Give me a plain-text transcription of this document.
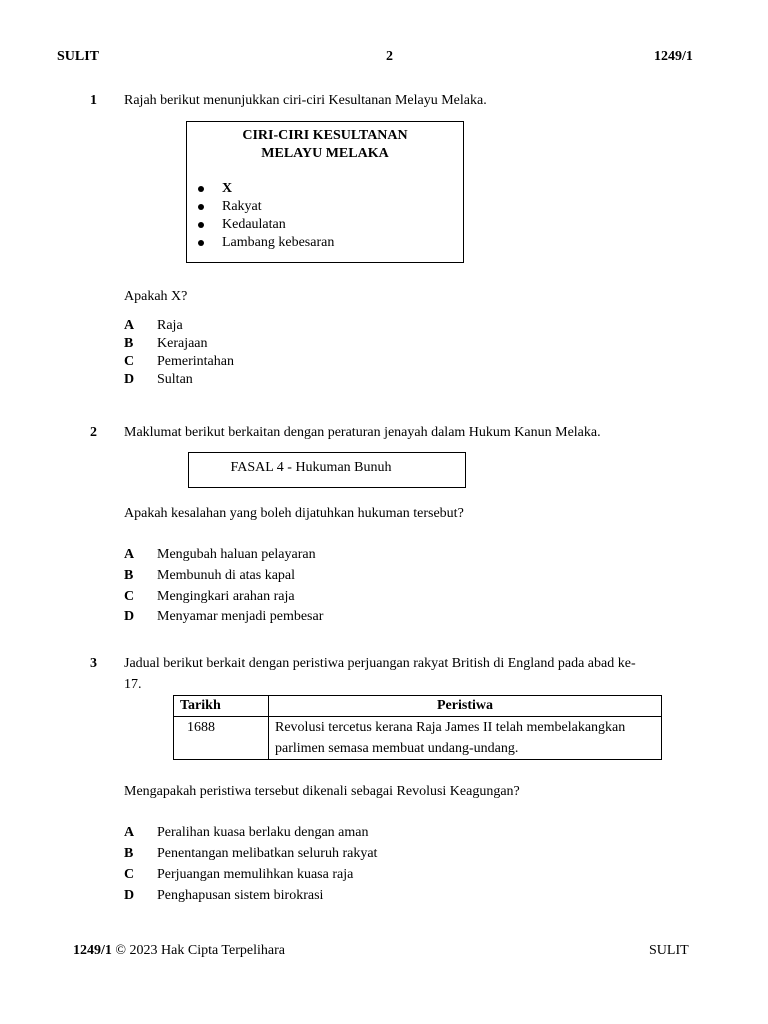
SULIT	2	1249/1
1 Rajah berikut menunjukkan ciri-ciri Kesultanan Melayu Melaka.
CIRI-CIRI KESULTANAN
MELAYU MELAKA
X
Rakyat
Kedaulatan
Lambang kebesaran
Apakah X?
A Raja
B Kerajaan
C Pemerintahan
D Sultan
2 Maklumat berikut berkaitan dengan peraturan jenayah dalam Hukum Kanun Melaka.
FASAL 4 - Hukuman Bunuh
Apakah kesalahan yang boleh dijatuhkan hukuman tersebut?
A Mengubah haluan pelayaran
B Membunuh di atas kapal
C Mengingkari arahan raja
D Menyamar menjadi pembesar
3 Jadual berikut berkait dengan peristiwa perjuangan rakyat British di England pada abad ke-
17.
Tarikh	Peristiwa
1688	Revolusi tercetus kerana Raja James II telah membelakangkan
parlimen semasa membuat undang-undang.
Mengapakah peristiwa tersebut dikenali sebagai Revolusi Keagungan?
A Peralihan kuasa berlaku dengan aman
B Penentangan melibatkan seluruh rakyat
C Perjuangan memulihkan kuasa raja
D Penghapusan sistem birokrasi
1249/1 © 2023 Hak Cipta Terpelihara	SULIT
